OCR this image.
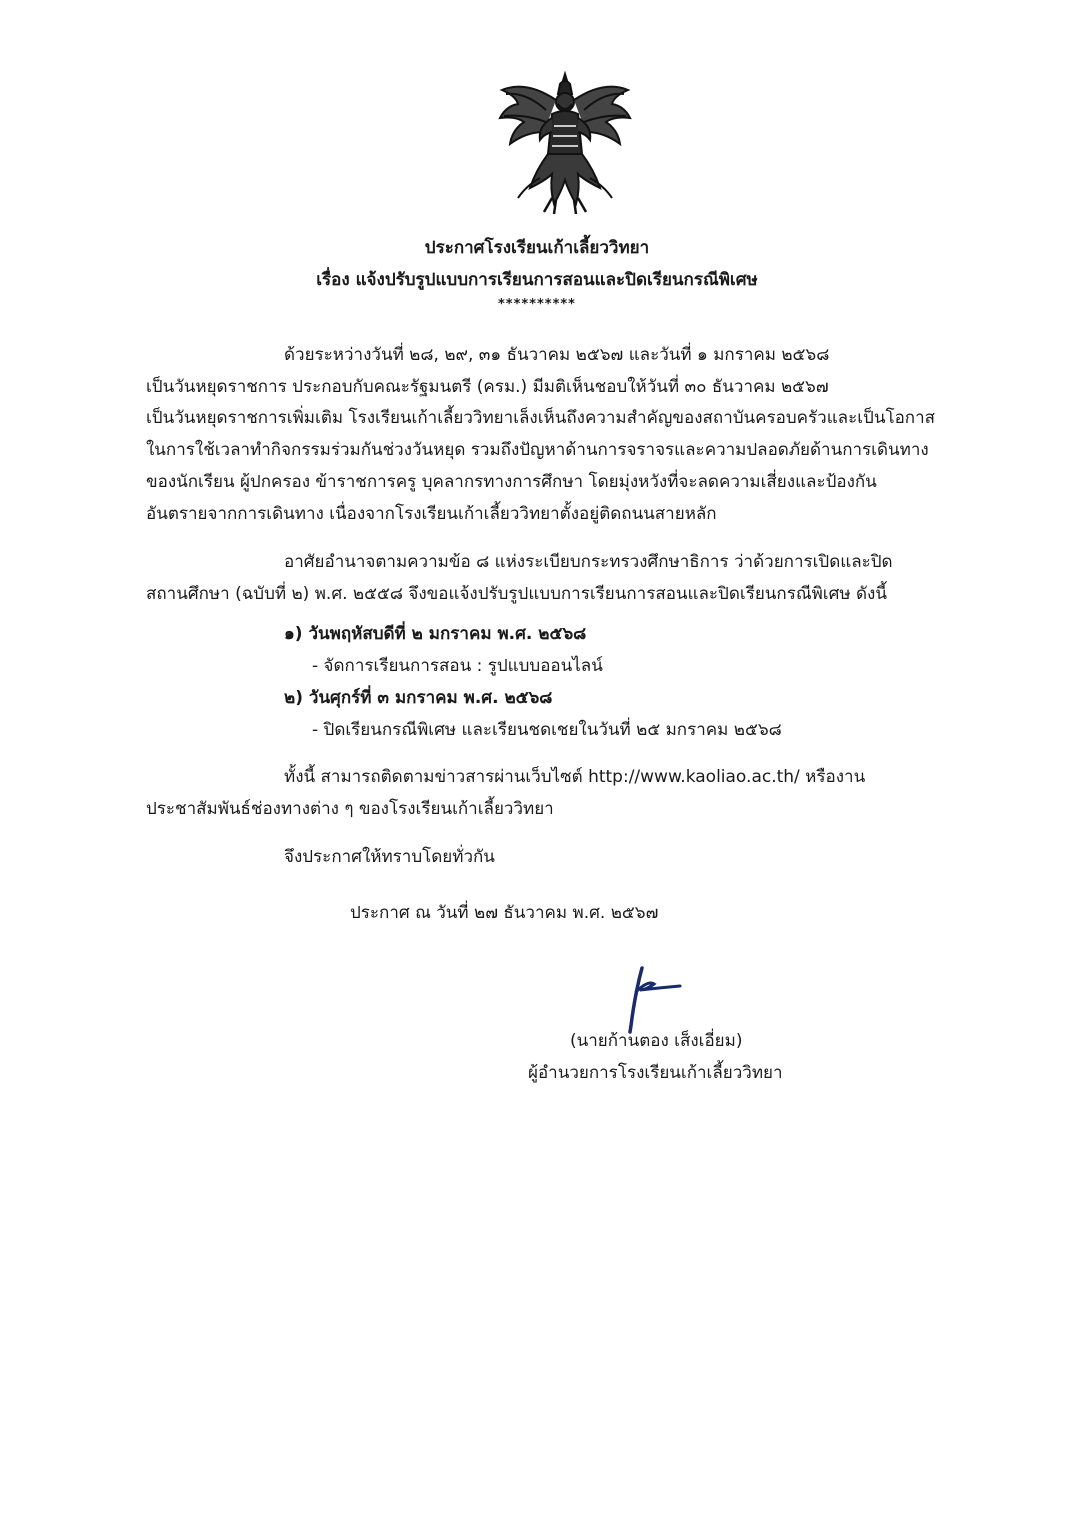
ประกาศโรงเรียนเก้าเลี้ยววิทยา
เรื่อง แจ้งปรับรูปแบบการเรียนการสอนและปิดเรียนกรณีพิเศษ
**********
ด้วยระหว่างวันที่ ๒๘, ๒๙, ๓๑ ธันวาคม ๒๕๖๗ และวันที่ ๑ มกราคม ๒๕๖๘
เป็นวันหยุดราชการ ประกอบกับคณะรัฐมนตรี (ครม.) มีมติเห็นชอบให้วันที่ ๓๐ ธันวาคม ๒๕๖๗
เป็นวันหยุดราชการเพิ่มเติม โรงเรียนเก้าเลี้ยววิทยาเล็งเห็นถึงความสำคัญของสถาบันครอบครัวและเป็นโอกาส
ในการใช้เวลาทำกิจกรรมร่วมกันช่วงวันหยุด รวมถึงปัญหาด้านการจราจรและความปลอดภัยด้านการเดินทาง
ของนักเรียน ผู้ปกครอง ข้าราชการครู บุคลากรทางการศึกษา โดยมุ่งหวังที่จะลดความเสี่ยงและป้องกัน
อันตรายจากการเดินทาง เนื่องจากโรงเรียนเก้าเลี้ยววิทยาตั้งอยู่ติดถนนสายหลัก
อาศัยอำนาจตามความข้อ ๘ แห่งระเบียบกระทรวงศึกษาธิการ ว่าด้วยการเปิดและปิด
สถานศึกษา (ฉบับที่ ๒) พ.ศ. ๒๕๕๘ จึงขอแจ้งปรับรูปแบบการเรียนการสอนและปิดเรียนกรณีพิเศษ ดังนี้
๑) วันพฤหัสบดีที่ ๒ มกราคม พ.ศ. ๒๕๖๘
- จัดการเรียนการสอน : รูปแบบออนไลน์
๒) วันศุกร์ที่ ๓ มกราคม พ.ศ. ๒๕๖๘
- ปิดเรียนกรณีพิเศษ และเรียนชดเชยในวันที่ ๒๕ มกราคม ๒๕๖๘
ทั้งนี้ สามารถติดตามข่าวสารผ่านเว็บไซต์ http://www.kaoliao.ac.th/ หรืองาน
ประชาสัมพันธ์ช่องทางต่าง ๆ ของโรงเรียนเก้าเลี้ยววิทยา
จึงประกาศให้ทราบโดยทั่วกัน
ประกาศ ณ วันที่ ๒๗ ธันวาคม พ.ศ. ๒๕๖๗
(นายก้านตอง เส็งเอี่ยม)
ผู้อำนวยการโรงเรียนเก้าเลี้ยววิทยา
